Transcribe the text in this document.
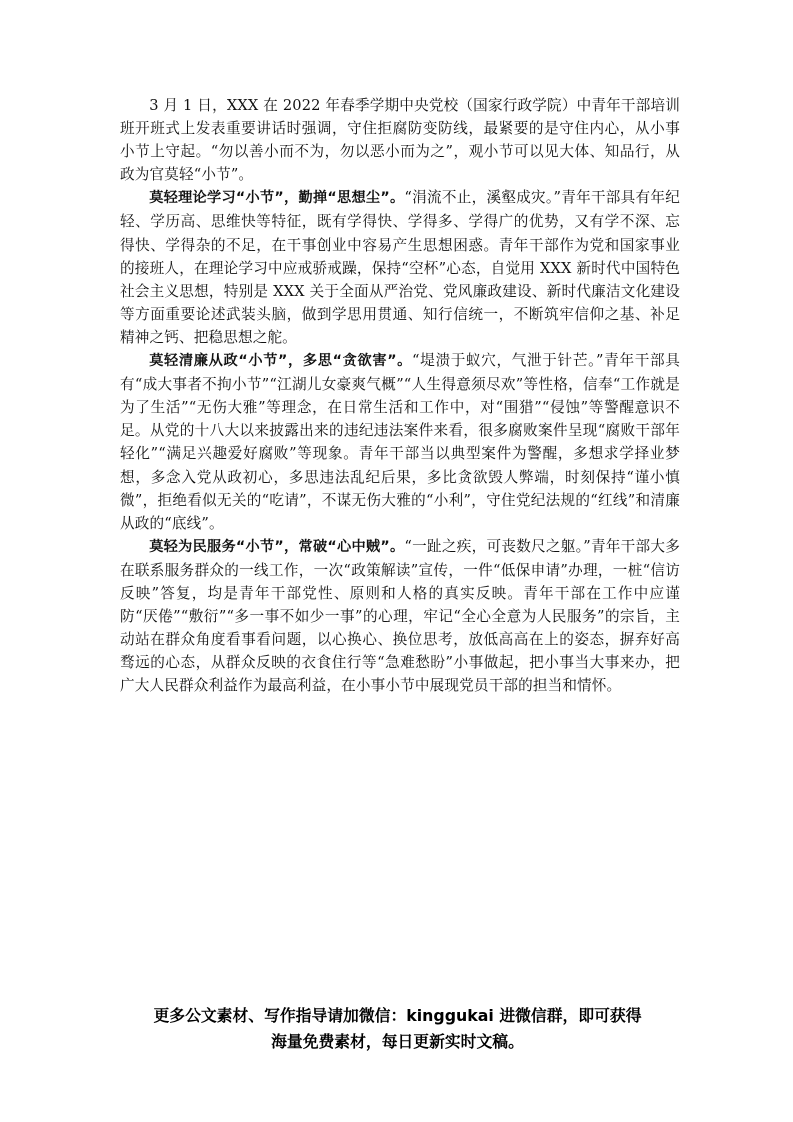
3 月 1 日，XXX 在 2022 年春季学期中央党校（国家行政学院）中青年干部培训班开班式上发表重要讲话时强调，守住拒腐防变防线，最紧要的是守住内心，从小事小节上守起。“勿以善小而不为，勿以恶小而为之”，观小节可以见大体、知品行，从政为官莫轻“小节”。

莫轻理论学习“小节”，勤掸“思想尘”。“涓流不止，溪壑成灾。”青年干部具有年纪轻、学历高、思维快等特征，既有学得快、学得多、学得广的优势，又有学不深、忘得快、学得杂的不足，在干事创业中容易产生思想困惑。青年干部作为党和国家事业的接班人，在理论学习中应戒骄戒躁，保持“空杯”心态，自觉用 XXX 新时代中国特色社会主义思想，特别是 XXX 关于全面从严治党、党风廉政建设、新时代廉洁文化建设等方面重要论述武装头脑，做到学思用贯通、知行信统一，不断筑牢信仰之基、补足精神之钙、把稳思想之舵。

莫轻清廉从政“小节”，多思“贪欲害”。“堤溃于蚁穴，气泄于针芒。”青年干部具有“成大事者不拘小节”“江湖儿女豪爽气概”“人生得意须尽欢”等性格，信奉“工作就是为了生活”“无伤大雅”等理念，在日常生活和工作中，对“围猎”“侵蚀”等警醒意识不足。从党的十八大以来披露出来的违纪违法案件来看，很多腐败案件呈现“腐败干部年轻化”“满足兴趣爱好腐败”等现象。青年干部当以典型案件为警醒，多想求学择业梦想，多念入党从政初心，多思违法乱纪后果，多比贪欲毁人弊端，时刻保持“谨小慎微”，拒绝看似无关的“吃请”，不谋无伤大雅的“小利”，守住党纪法规的“红线”和清廉从政的“底线”。

莫轻为民服务“小节”，常破“心中贼”。“一趾之疾，可丧数尺之躯。”青年干部大多在联系服务群众的一线工作，一次“政策解读”宣传，一件“低保申请”办理，一桩“信访反映”答复，均是青年干部党性、原则和人格的真实反映。青年干部在工作中应谨防“厌倦”“敷衍”“多一事不如少一事”的心理，牢记“全心全意为人民服务”的宗旨，主动站在群众角度看事看问题，以心换心、换位思考，放低高高在上的姿态，摒弃好高骛远的心态，从群众反映的衣食住行等“急难愁盼”小事做起，把小事当大事来办，把广大人民群众利益作为最高利益，在小事小节中展现党员干部的担当和情怀。

更多公文素材、写作指导请加微信：kinggukai 进微信群，即可获得
海量免费素材，每日更新实时文稿。
